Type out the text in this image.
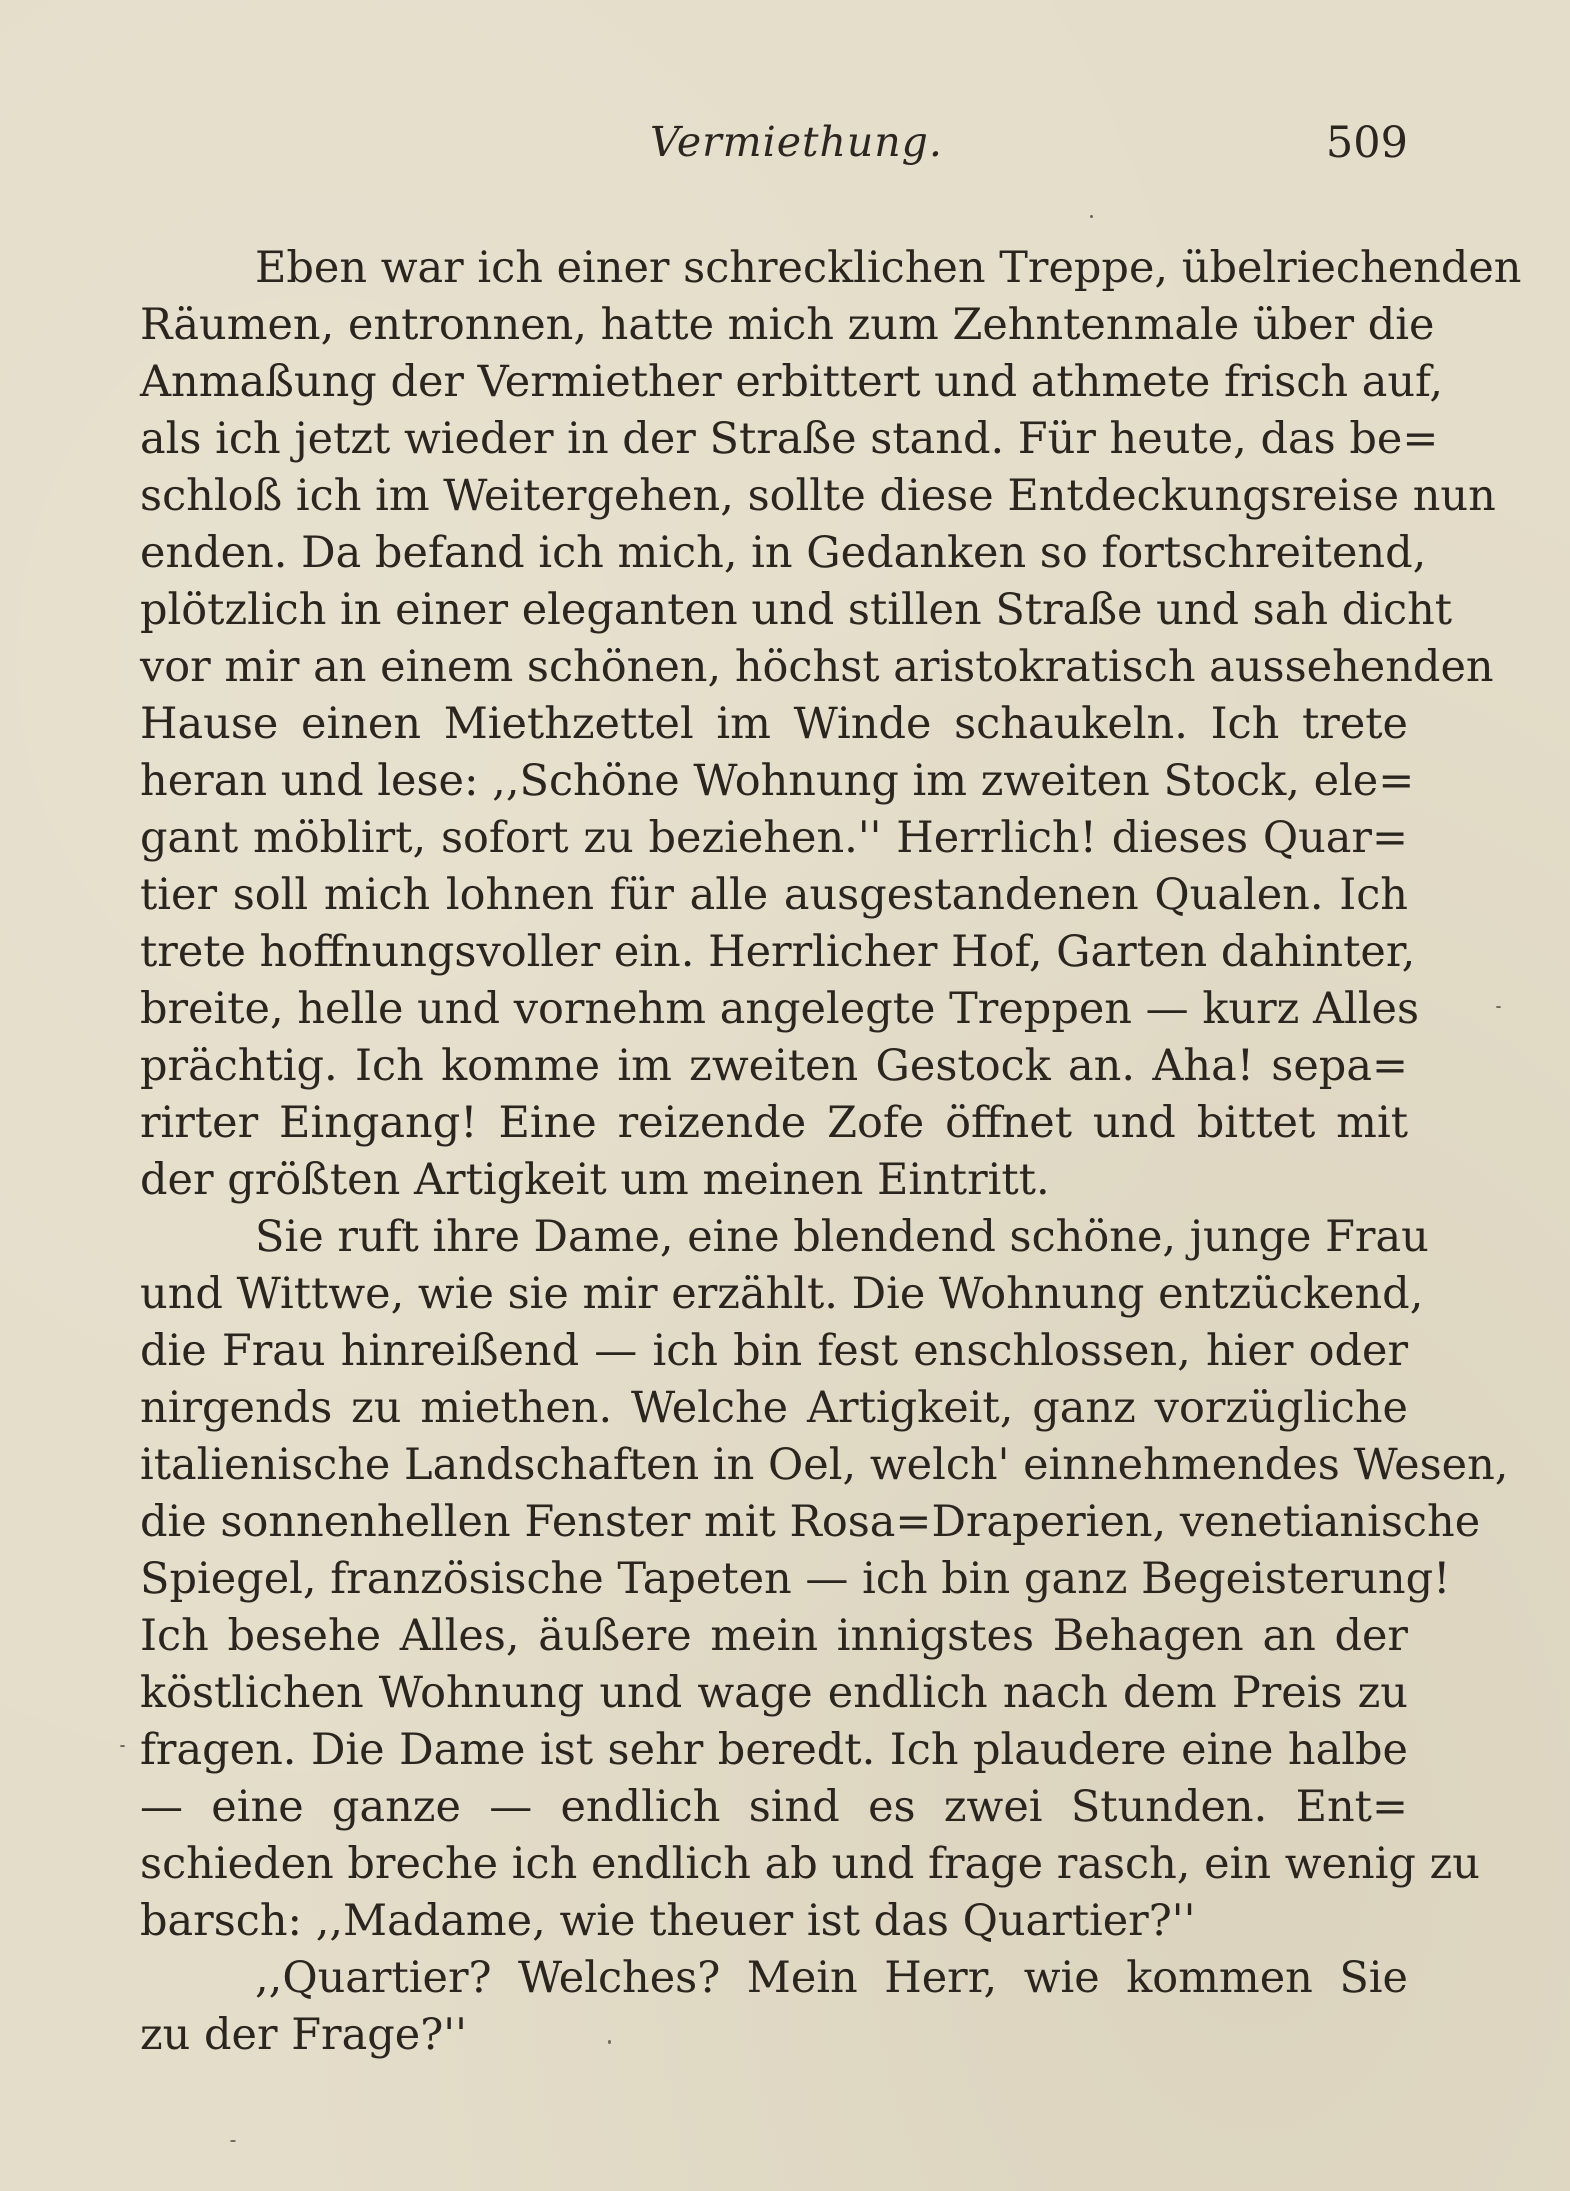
Vermiethung.	509
Eben war ich einer schrecklichen Treppe, übelriechenden
Räumen, entronnen, hatte mich zum Zehntenmale über die
Anmaßung der Vermiether erbittert und athmete frisch auf,
als ich jetzt wieder in der Straße stand. Für heute, das be=
schloß ich im Weitergehen, sollte diese Entdeckungsreise nun
enden. Da befand ich mich, in Gedanken so fortschreitend,
plötzlich in einer eleganten und stillen Straße und sah dicht
vor mir an einem schönen, höchst aristokratisch aussehenden
Hause einen Miethzettel im Winde schaukeln. Ich trete
heran und lese: ,,Schöne Wohnung im zweiten Stock, ele=
gant möblirt, sofort zu beziehen.'' Herrlich! dieses Quar=
tier soll mich lohnen für alle ausgestandenen Qualen. Ich
trete hoffnungsvoller ein. Herrlicher Hof, Garten dahinter,
breite, helle und vornehm angelegte Treppen — kurz Alles
prächtig. Ich komme im zweiten Gestock an. Aha! sepa=
rirter Eingang! Eine reizende Zofe öffnet und bittet mit
der größten Artigkeit um meinen Eintritt.
Sie ruft ihre Dame, eine blendend schöne, junge Frau
und Wittwe, wie sie mir erzählt. Die Wohnung entzückend,
die Frau hinreißend — ich bin fest enschlossen, hier oder
nirgends zu miethen. Welche Artigkeit, ganz vorzügliche
italienische Landschaften in Oel, welch' einnehmendes Wesen,
die sonnenhellen Fenster mit Rosa=Draperien, venetianische
Spiegel, französische Tapeten — ich bin ganz Begeisterung!
Ich besehe Alles, äußere mein innigstes Behagen an der
köstlichen Wohnung und wage endlich nach dem Preis zu
fragen. Die Dame ist sehr beredt. Ich plaudere eine halbe
— eine ganze — endlich sind es zwei Stunden. Ent=
schieden breche ich endlich ab und frage rasch, ein wenig zu
barsch: ,,Madame, wie theuer ist das Quartier?''
,,Quartier? Welches? Mein Herr, wie kommen Sie
zu der Frage?''
